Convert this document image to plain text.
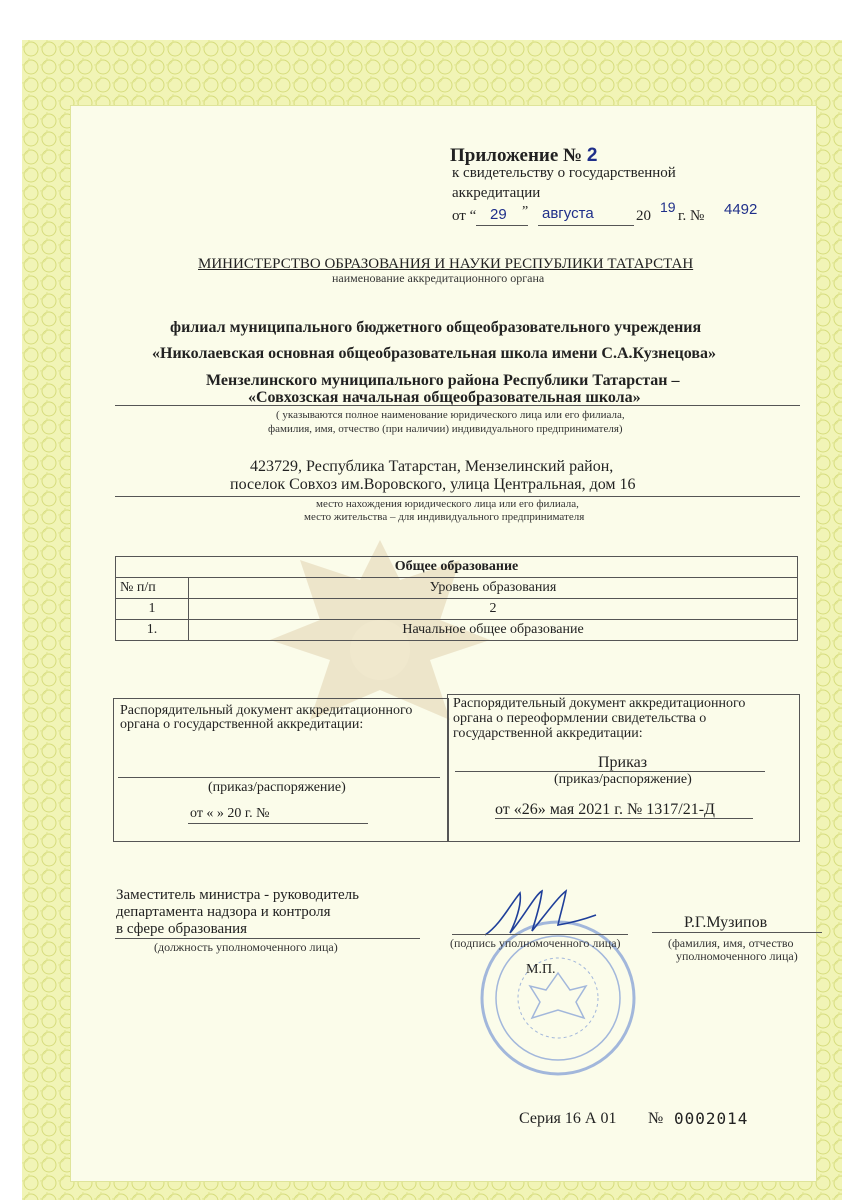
Приложение № 2
к свидетельству о государственной
аккредитации
от “ 29 ” августа	20
19
г. № 4492
МИНИСТЕРСТВО ОБРАЗОВАНИЯ И НАУКИ РЕСПУБЛИКИ ТАТАРСТАН
наименование аккредитационного органа
филиал муниципального бюджетного общеобразовательного учреждения
«Николаевская основная общеобразовательная школа имени С.А.Кузнецова»
Мензелинского муниципального района Республики Татарстан –
«Совхозская начальная общеобразовательная школа»
( указываются полное наименование юридического лица или его филиала,
фамилия, имя, отчество (при наличии) индивидуального предпринимателя)
423729, Республика Татарстан, Мензелинский район,
поселок Совхоз им.Воровского, улица Центральная, дом 16
место нахождения юридического лица или его филиала,
место жительства – для индивидуального предпринимателя
Общее образование	
№ п/п	Уровень образования
1	2
1.	Начальное общее образование
Распорядительный документ аккредитационного
органа о государственной аккредитации:
(приказ/распоряжение)
от « » 20 г. №
Распорядительный документ аккредитационного
органа о переоформлении свидетельства о
государственной аккредитации:
Приказ
(приказ/распоряжение)
от «26» мая 2021 г. № 1317/21-Д
Заместитель министра - руководитель
департамента надзора и контроля
в сфере образования
(должность уполномоченного лица)	(подпись уполномоченного лица)
Р.Г.Музипов
(фамилия, имя, отчество
уполномоченного лица)
М.П.
Серия 16 А 01 № 0002014
